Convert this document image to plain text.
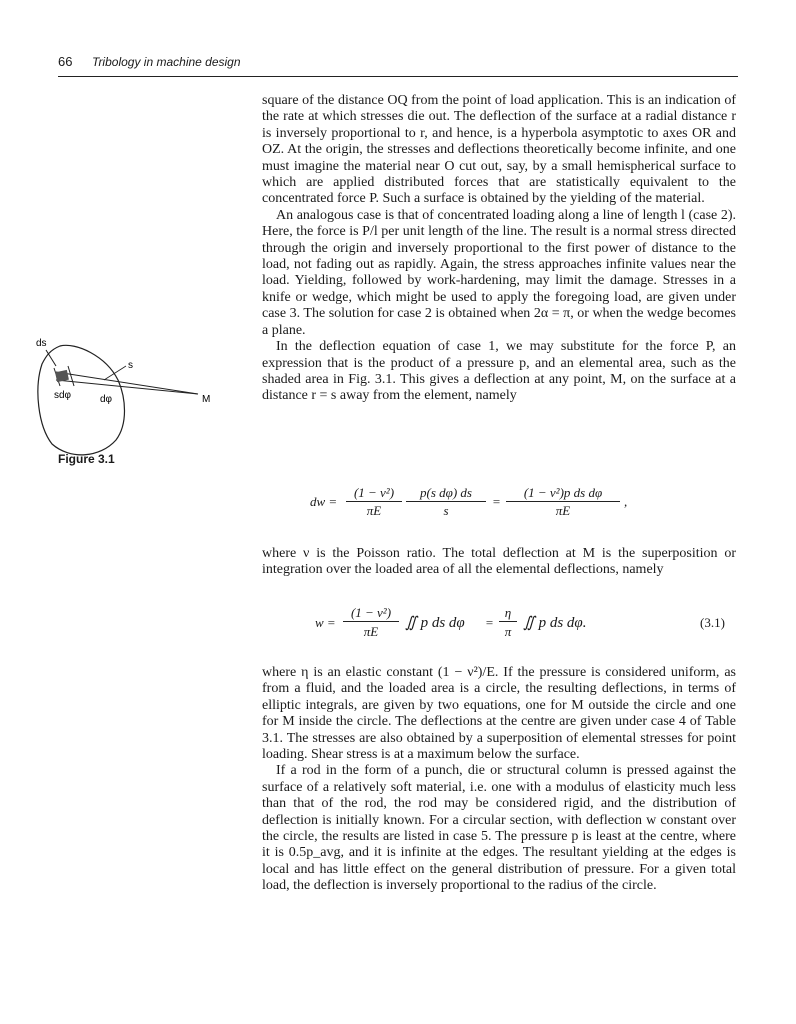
66 Tribology in machine design

square of the distance OQ from the point of load application. This is an indication of the rate at which stresses die out. The deflection of the surface at a radial distance r is inversely proportional to r, and hence, is a hyperbola asymptotic to axes OR and OZ. At the origin, the stresses and deflections theoretically become infinite, and one must imagine the material near O cut out, say, by a small hemispherical surface to which are applied distributed forces that are statistically equivalent to the concentrated force P. Such a surface is obtained by the yielding of the material.

An analogous case is that of concentrated loading along a line of length l (case 2). Here, the force is P/l per unit length of the line. The result is a normal stress directed through the origin and inversely proportional to the first power of distance to the load, not fading out as rapidly. Again, the stress approaches infinite values near the load. Yielding, followed by work-hardening, may limit the damage. Stresses in a knife or wedge, which might be used to apply the foregoing load, are given under case 3. The solution for case 2 is obtained when 2α = π, or when the wedge becomes a plane.

In the deflection equation of case 1, we may substitute for the force P, an expression that is the product of a pressure p, and an elemental area, such as the shaded area in Fig. 3.1. This gives a deflection at any point, M, on the surface at a distance r = s away from the element, namely

ds
s
sdφ	dφ	M
Figure 3.1
dw =
(1 − ν²)
πE
p(s dφ) ds
s
=
(1 − ν²)p ds dφ
πE
,

where ν is the Poisson ratio. The total deflection at M is the superposition or integration over the loaded area of all the elemental deflections, namely

w =
(1 − ν²)
πE
∬ p ds dφ =
η
π
∬ p ds dφ.	(3.1)

where η is an elastic constant (1 − ν²)/E. If the pressure is considered uniform, as from a fluid, and the loaded area is a circle, the resulting deflections, in terms of elliptic integrals, are given by two equations, one for M outside the circle and one for M inside the circle. The deflections at the centre are given under case 4 of Table 3.1. The stresses are also obtained by a superposition of elemental stresses for point loading. Shear stress is at a maximum below the surface.

If a rod in the form of a punch, die or structural column is pressed against the surface of a relatively soft material, i.e. one with a modulus of elasticity much less than that of the rod, the rod may be considered rigid, and the distribution of deflection is initially known. For a circular section, with deflection w constant over the circle, the results are listed in case 5. The pressure p is least at the centre, where it is 0.5p_avg, and it is infinite at the edges. The resultant yielding at the edges is local and has little effect on the general distribution of pressure. For a given total load, the deflection is inversely proportional to the radius of the circle.
